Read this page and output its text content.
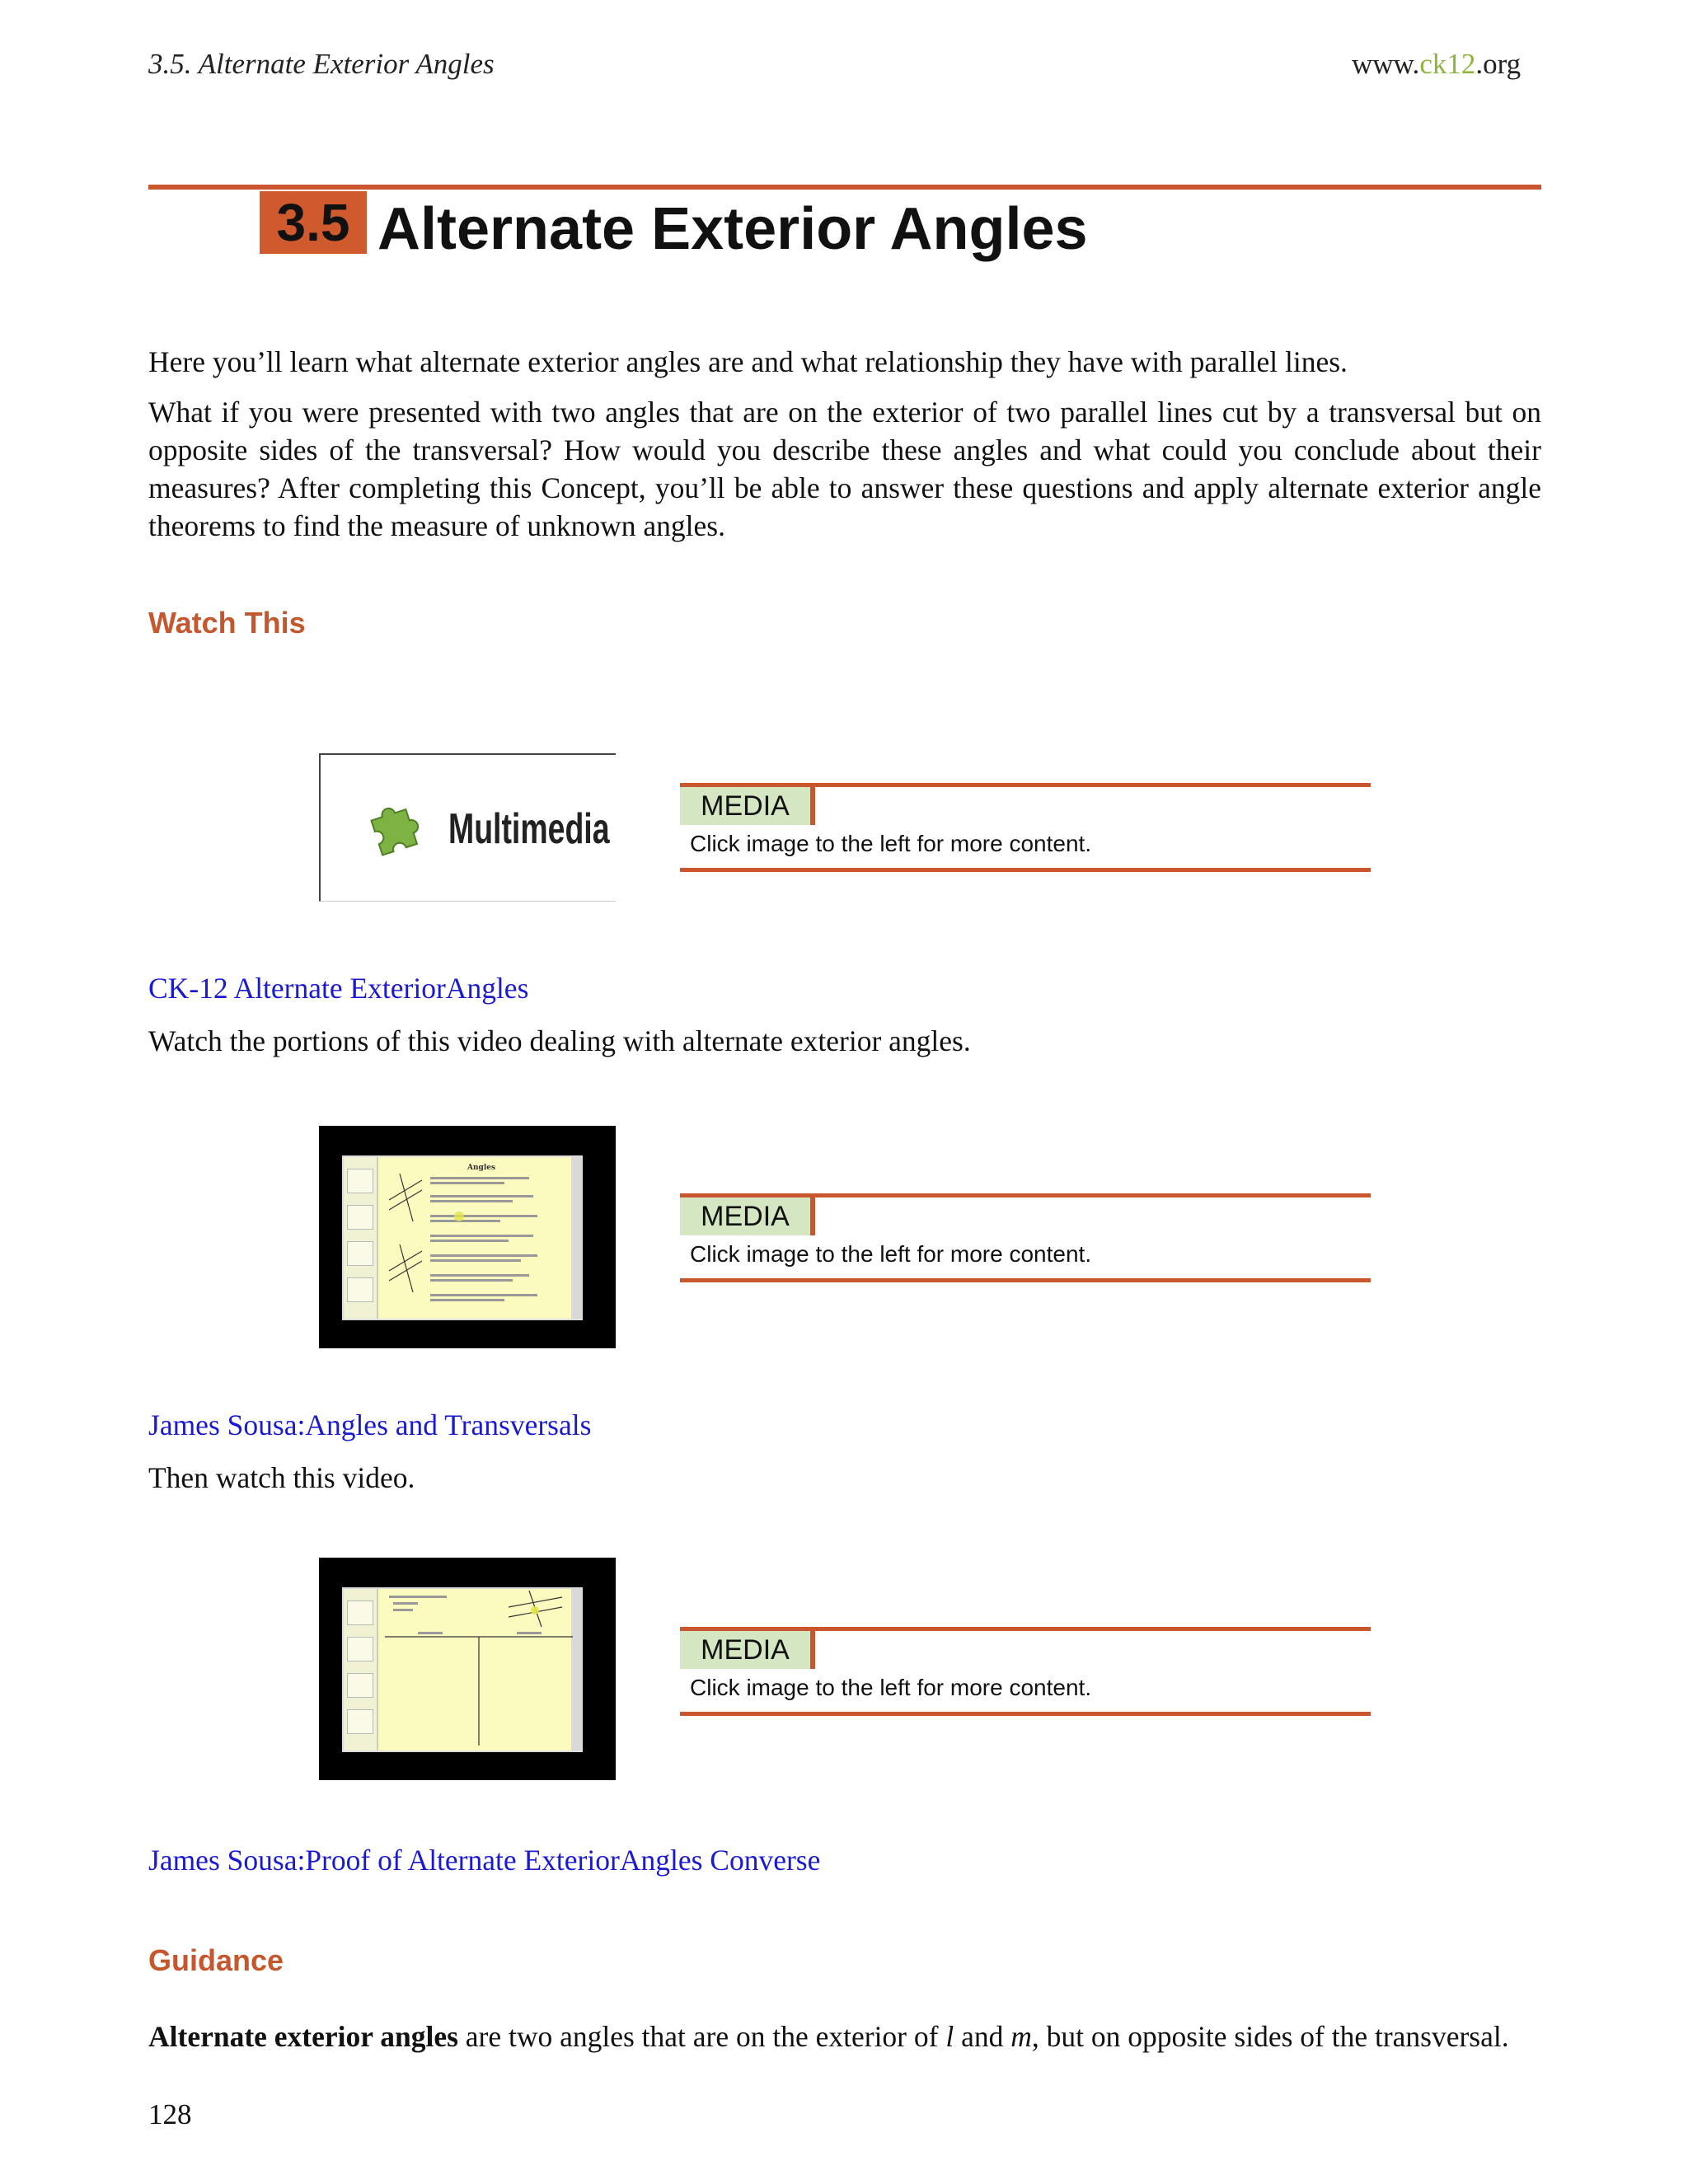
3.5. Alternate Exterior Angles	www.ck12.org
3.5 Alternate Exterior Angles
Here you’ll learn what alternate exterior angles are and what relationship they have with parallel lines.
What if you were presented with two angles that are on the exterior of two parallel lines cut by a transversal but on opposite sides of the transversal? How would you describe these angles and what could you conclude about their measures? After completing this Concept, you’ll be able to answer these questions and apply alternate exterior angle theorems to find the measure of unknown angles.
Watch This
Multimedia	MEDIA
Click image to the left for more content.
CK-12 Alternate ExteriorAngles
Watch the portions of this video dealing with alternate exterior angles.
Angles
MEDIA
Click image to the left for more content.
James Sousa:Angles and Transversals
Then watch this video.
MEDIA
Click image to the left for more content.
James Sousa:Proof of Alternate ExteriorAngles Converse
Guidance
Alternate exterior angles are two angles that are on the exterior of l and m, but on opposite sides of the transversal.
128
